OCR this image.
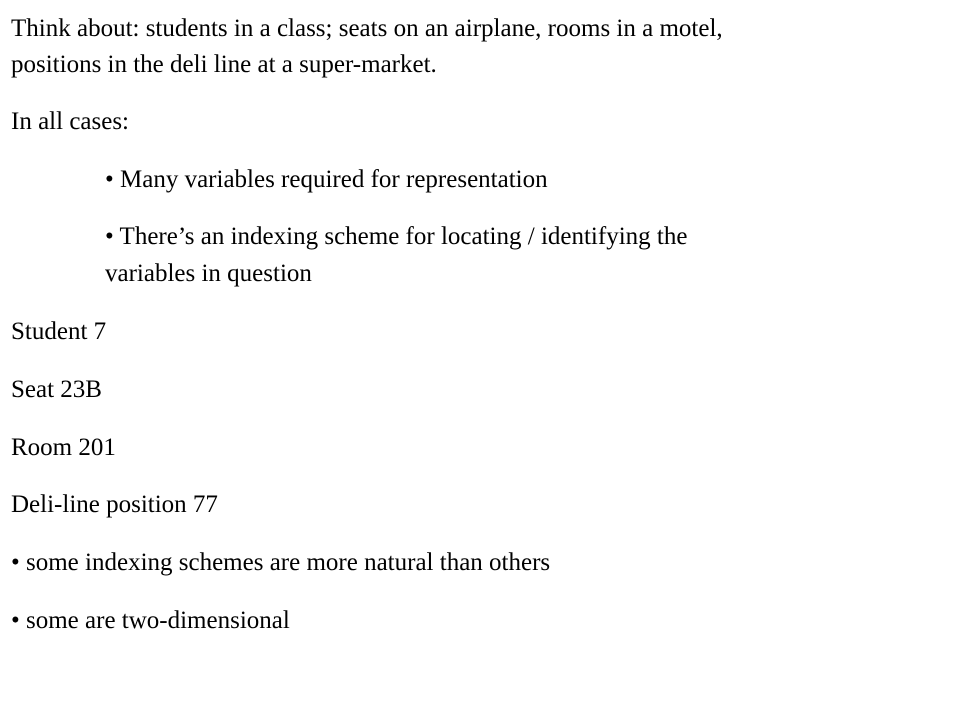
Think about: students in a class; seats on an airplane, rooms in a motel,
positions in the deli line at a super-market.
In all cases:
• Many variables required for representation
• There’s an indexing scheme for locating / identifying the
variables in question
Student 7
Seat 23B
Room 201
Deli-line position 77
• some indexing schemes are more natural than others
• some are two-dimensional
